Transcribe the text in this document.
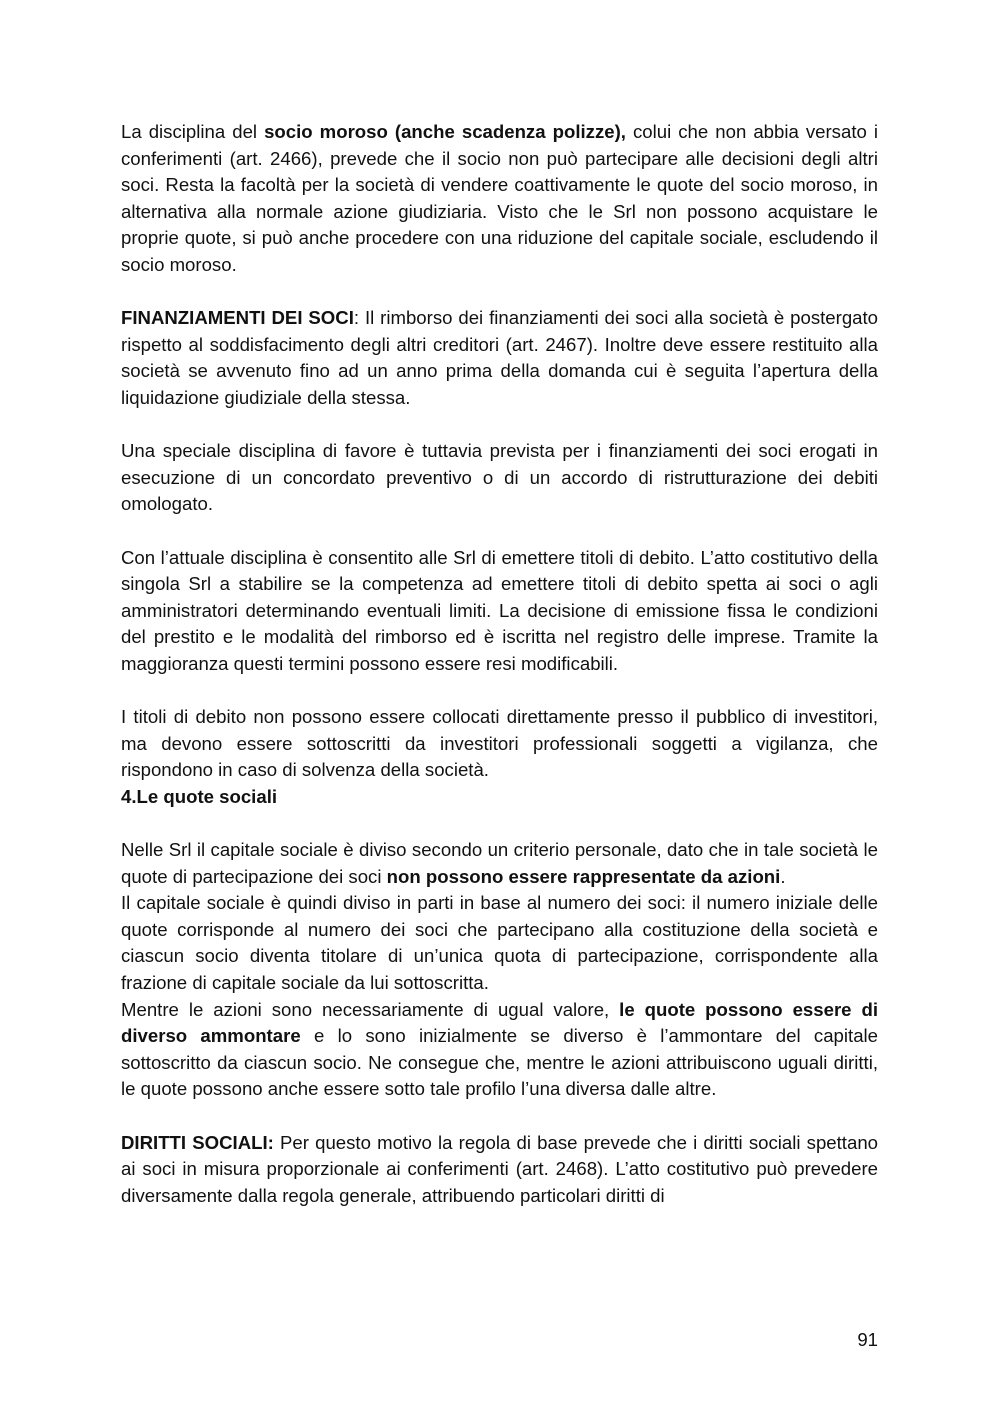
La disciplina del socio moroso (anche scadenza polizze), colui che non abbia versato i conferimenti (art. 2466), prevede che il socio non può partecipare alle decisioni degli altri soci. Resta la facoltà per la società di vendere coattivamente le quote del socio moroso, in alternativa alla normale azione giudiziaria. Visto che le Srl non possono acquistare le proprie quote, si può anche procedere con una riduzione del capitale sociale, escludendo il socio moroso.

FINANZIAMENTI DEI SOCI: Il rimborso dei finanziamenti dei soci alla società è postergato rispetto al soddisfacimento degli altri creditori (art. 2467). Inoltre deve essere restituito alla società se avvenuto fino ad un anno prima della domanda cui è seguita l’apertura della liquidazione giudiziale della stessa.

Una speciale disciplina di favore è tuttavia prevista per i finanziamenti dei soci erogati in esecuzione di un concordato preventivo o di un accordo di ristrutturazione dei debiti omologato.

Con l’attuale disciplina è consentito alle Srl di emettere titoli di debito. L’atto costitutivo della singola Srl a stabilire se la competenza ad emettere titoli di debito spetta ai soci o agli amministratori determinando eventuali limiti. La decisione di emissione fissa le condizioni del prestito e le modalità del rimborso ed è iscritta nel registro delle imprese. Tramite la maggioranza questi termini possono essere resi modificabili.

I titoli di debito non possono essere collocati direttamente presso il pubblico di investitori, ma devono essere sottoscritti da investitori professionali soggetti a vigilanza, che rispondono in caso di solvenza della società.

4.Le quote sociali

Nelle Srl il capitale sociale è diviso secondo un criterio personale, dato che in tale società le quote di partecipazione dei soci non possono essere rappresentate da azioni.

Il capitale sociale è quindi diviso in parti in base al numero dei soci: il numero iniziale delle quote corrisponde al numero dei soci che partecipano alla costituzione della società e ciascun socio diventa titolare di un’unica quota di partecipazione, corrispondente alla frazione di capitale sociale da lui sottoscritta.

Mentre le azioni sono necessariamente di ugual valore, le quote possono essere di diverso ammontare e lo sono inizialmente se diverso è l’ammontare del capitale sottoscritto da ciascun socio. Ne consegue che, mentre le azioni attribuiscono uguali diritti, le quote possono anche essere sotto tale profilo l’una diversa dalle altre.

DIRITTI SOCIALI: Per questo motivo la regola di base prevede che i diritti sociali spettano ai soci in misura proporzionale ai conferimenti (art. 2468). L’atto costitutivo può prevedere diversamente dalla regola generale, attribuendo particolari diritti di

91
